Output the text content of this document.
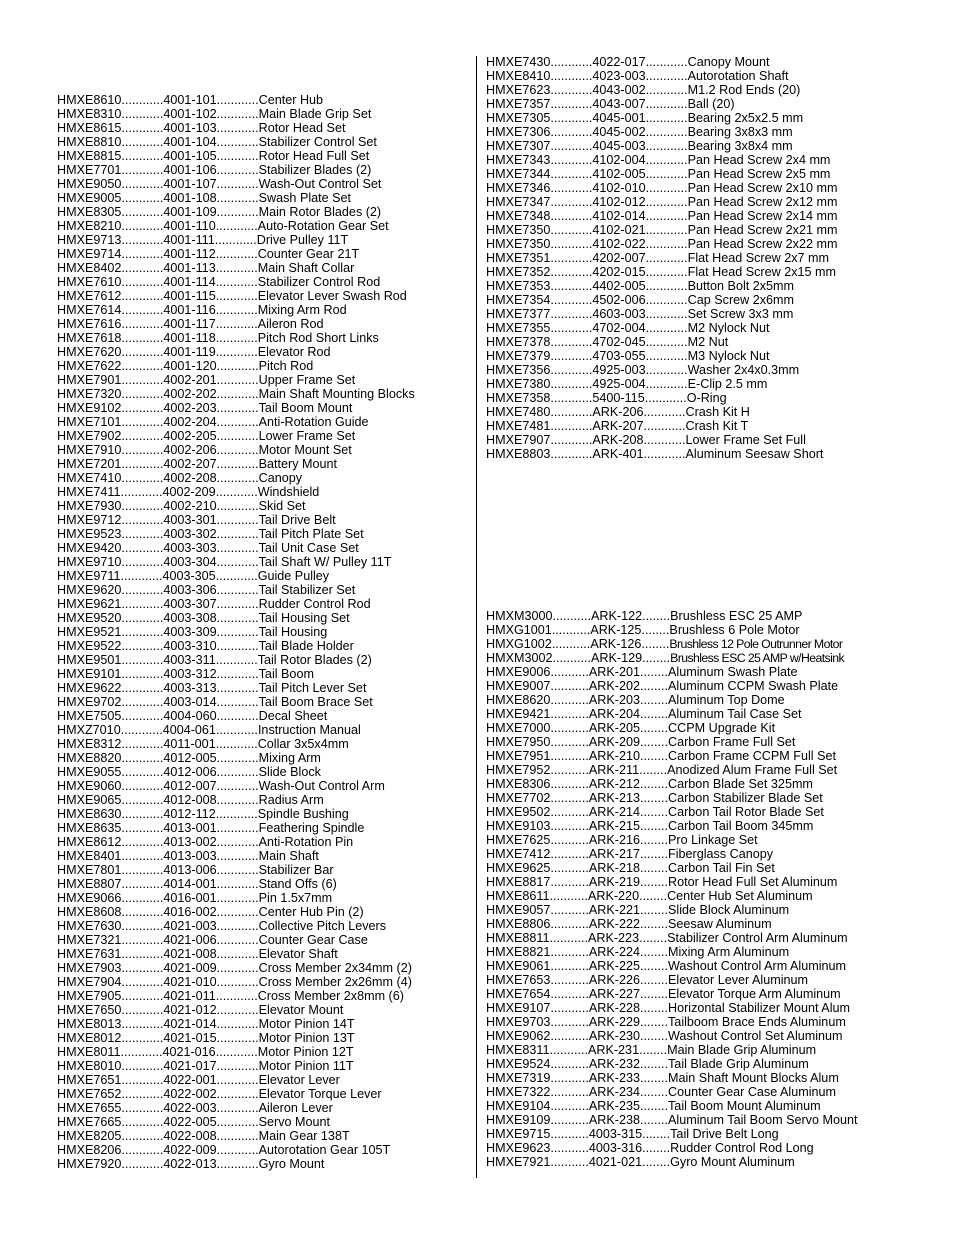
HMXE8610............4001-101............Center Hub
HMXE8310............4001-102............Main Blade Grip Set
HMXE8615............4001-103............Rotor Head Set
HMXE8810............4001-104............Stabilizer Control Set
HMXE8815............4001-105............Rotor Head Full Set
HMXE7701............4001-106............Stabilizer Blades (2)
HMXE9050............4001-107............Wash-Out Control Set
HMXE9005............4001-108............Swash Plate Set
HMXE8305............4001-109............Main Rotor Blades (2)
HMXE8210............4001-110............Auto-Rotation Gear Set
HMXE9713............4001-111............Drive Pulley 11T
HMXE9714............4001-112............Counter Gear 21T
HMXE8402............4001-113............Main Shaft Collar
HMXE7610............4001-114............Stabilizer Control Rod
HMXE7612............4001-115............Elevator Lever Swash Rod
HMXE7614............4001-116............Mixing Arm Rod
HMXE7616............4001-117............Aileron Rod
HMXE7618............4001-118............Pitch Rod Short Links
HMXE7620............4001-119............Elevator Rod
HMXE7622............4001-120............Pitch Rod
HMXE7901............4002-201............Upper Frame Set
HMXE7320............4002-202............Main Shaft Mounting Blocks
HMXE9102............4002-203............Tail Boom Mount
HMXE7101............4002-204............Anti-Rotation Guide
HMXE7902............4002-205............Lower Frame Set
HMXE7910............4002-206............Motor Mount Set
HMXE7201............4002-207............Battery Mount
HMXE7410............4002-208............Canopy
HMXE7411............4002-209............Windshield
HMXE7930............4002-210............Skid Set
HMXE9712............4003-301............Tail Drive Belt
HMXE9523............4003-302............Tail Pitch Plate Set
HMXE9420............4003-303............Tail Unit Case Set
HMXE9710............4003-304............Tail Shaft W/ Pulley 11T
HMXE9711............4003-305............Guide Pulley
HMXE9620............4003-306............Tail Stabilizer Set
HMXE9621............4003-307............Rudder Control Rod
HMXE9520............4003-308............Tail Housing Set
HMXE9521............4003-309............Tail Housing
HMXE9522............4003-310............Tail Blade Holder
HMXE9501............4003-311............Tail Rotor Blades (2)
HMXE9101............4003-312............Tail Boom
HMXE9622............4003-313............Tail Pitch Lever Set
HMXE9702............4003-014............Tail Boom Brace Set
HMXE7505............4004-060............Decal Sheet
HMXZ7010............4004-061............Instruction Manual
HMXE8312............4011-001............Collar 3x5x4mm
HMXE8820............4012-005............Mixing Arm
HMXE9055............4012-006............Slide Block
HMXE9060............4012-007............Wash-Out Control Arm
HMXE9065............4012-008............Radius Arm
HMXE8630............4012-112............Spindle Bushing
HMXE8635............4013-001............Feathering Spindle
HMXE8612............4013-002............Anti-Rotation Pin
HMXE8401............4013-003............Main Shaft
HMXE7801............4013-006............Stabilizer Bar
HMXE8807............4014-001............Stand Offs (6)
HMXE9066............4016-001............Pin 1.5x7mm
HMXE8608............4016-002............Center Hub Pin (2)
HMXE7630............4021-003............Collective Pitch Levers
HMXE7321............4021-006............Counter Gear Case
HMXE7631............4021-008............Elevator Shaft
HMXE7903............4021-009............Cross Member 2x34mm (2)
HMXE7904............4021-010............Cross Member 2x26mm (4)
HMXE7905............4021-011............Cross Member 2x8mm (6)
HMXE7650............4021-012............Elevator Mount
HMXE8013............4021-014............Motor Pinion 14T
HMXE8012............4021-015............Motor Pinion 13T
HMXE8011............4021-016............Motor Pinion 12T
HMXE8010............4021-017............Motor Pinion 11T
HMXE7651............4022-001............Elevator Lever
HMXE7652............4022-002............Elevator Torque Lever
HMXE7655............4022-003............Aileron Lever
HMXE7665............4022-005............Servo Mount
HMXE8205............4022-008............Main Gear 138T
HMXE8206............4022-009............Autorotation Gear 105T
HMXE7920............4022-013............Gyro Mount
HMXE7430............4022-017............Canopy Mount
HMXE8410............4023-003............Autorotation Shaft
HMXE7623............4043-002............M1.2 Rod Ends (20)
HMXE7357............4043-007............Ball (20)
HMXE7305............4045-001............Bearing 2x5x2.5 mm
HMXE7306............4045-002............Bearing 3x8x3 mm
HMXE7307............4045-003............Bearing 3x8x4 mm
HMXE7343............4102-004............Pan Head Screw 2x4 mm
HMXE7344............4102-005............Pan Head Screw 2x5 mm
HMXE7346............4102-010............Pan Head Screw 2x10 mm
HMXE7347............4102-012............Pan Head Screw 2x12 mm
HMXE7348............4102-014............Pan Head Screw 2x14 mm
HMXE7350............4102-021............Pan Head Screw 2x21 mm
HMXE7350............4102-022............Pan Head Screw 2x22 mm
HMXE7351............4202-007............Flat Head Screw 2x7 mm
HMXE7352............4202-015............Flat Head Screw 2x15 mm
HMXE7353............4402-005............Button Bolt 2x5mm
HMXE7354............4502-006............Cap Screw 2x6mm
HMXE7377............4603-003............Set Screw 3x3 mm
HMXE7355............4702-004............M2 Nylock Nut
HMXE7378............4702-045............M2 Nut
HMXE7379............4703-055............M3 Nylock Nut
HMXE7356............4925-003............Washer 2x4x0.3mm
HMXE7380............4925-004............E-Clip 2.5 mm
HMXE7358............5400-115............O-Ring
HMXE7480............ARK-206............Crash Kit H
HMXE7481............ARK-207............Crash Kit T
HMXE7907............ARK-208............Lower Frame Set Full
HMXE8803............ARK-401............Aluminum Seesaw Short
HMXM3000...........ARK-122........Brushless ESC 25 AMP
HMXG1001...........ARK-125........Brushless 6 Pole Motor
HMXG1002...........ARK-126........Brushless 12 Pole Outrunner Motor
HMXM3002...........ARK-129........Brushless ESC 25 AMP w/Heatsink
HMXE9006...........ARK-201........Aluminum Swash Plate
HMXE9007...........ARK-202........Aluminum CCPM Swash Plate
HMXE8620...........ARK-203........Aluminum Top Dome
HMXE9421...........ARK-204........Aluminum Tail Case Set
HMXE7000...........ARK-205........CCPM Upgrade Kit
HMXE7950...........ARK-209........Carbon Frame Full Set
HMXE7951...........ARK-210........Carbon Frame CCPM Full Set
HMXE7952...........ARK-211........Anodized Alum Frame Full Set
HMXE8306...........ARK-212........Carbon Blade Set 325mm
HMXE7702...........ARK-213........Carbon Stabilizer Blade Set
HMXE9502...........ARK-214........Carbon Tail Rotor Blade Set
HMXE9103...........ARK-215........Carbon Tail Boom 345mm
HMXE7625...........ARK-216........Pro Linkage Set
HMXE7412...........ARK-217........Fiberglass Canopy
HMXE9625...........ARK-218........Carbon Tail Fin Set
HMXE8817...........ARK-219........Rotor Head Full Set Aluminum
HMXE8611...........ARK-220........Center Hub Set Aluminum
HMXE9057...........ARK-221........Slide Block Aluminum
HMXE8806...........ARK-222........Seesaw Aluminum
HMXE8811...........ARK-223........Stabilizer Control Arm Aluminum
HMXE8821...........ARK-224........Mixing Arm Aluminum
HMXE9061...........ARK-225........Washout Control Arm Aluminum
HMXE7653...........ARK-226........Elevator Lever Aluminum
HMXE7654...........ARK-227........Elevator Torque Arm Aluminum
HMXE9107...........ARK-228........Horizontal Stabilizer Mount Alum
HMXE9703...........ARK-229........Tailboom Brace Ends Aluminum
HMXE9062...........ARK-230........Washout Control Set Aluminum
HMXE8311...........ARK-231........Main Blade Grip Aluminum
HMXE9524...........ARK-232........Tail Blade Grip Aluminum
HMXE7319...........ARK-233........Main Shaft Mount Blocks Alum
HMXE7322...........ARK-234........Counter Gear Case Aluminum
HMXE9104...........ARK-235........Tail Boom Mount Aluminum
HMXE9109...........ARK-238........Aluminum Tail Boom Servo Mount
HMXE9715...........4003-315........Tail Drive Belt Long
HMXE9623...........4003-316........Rudder Control Rod Long
HMXE7921...........4021-021........Gyro Mount Aluminum
